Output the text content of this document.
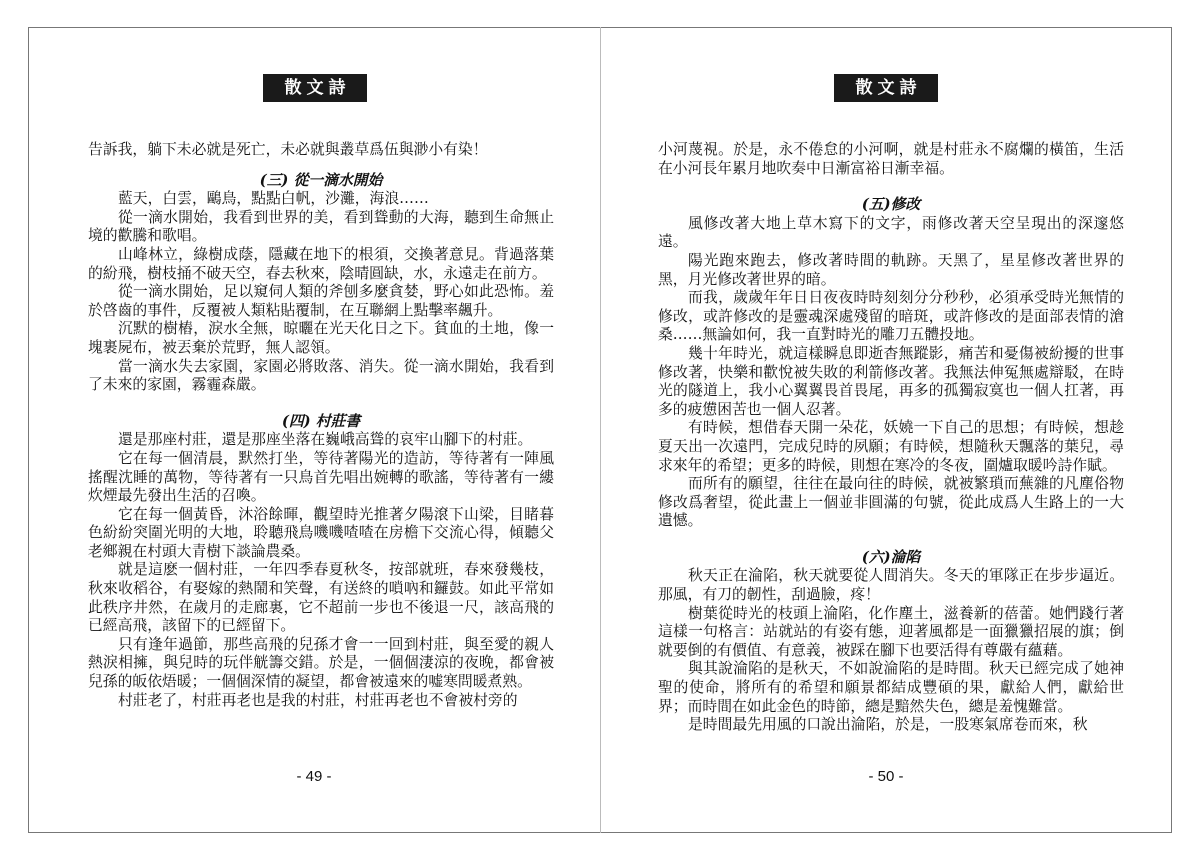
散文詩

告訴我，躺下未必就是死亡，未必就與叢草爲伍與渺小有染！

(三) 從一滴水開始

藍天，白雲，鷗鳥，點點白帆，沙灘，海浪……

從一滴水開始，我看到世界的美，看到聳動的大海，聽到生命無止境的歡騰和歌唱。

山峰林立，綠樹成蔭，隱藏在地下的根須，交換著意見。背過落葉的紛飛，樹枝捅不破天空，春去秋來，陰晴圓缺，水，永遠走在前方。

從一滴水開始，足以窺伺人類的斧刨多麼貪婪，野心如此恐怖。羞於啓齒的事件，反覆被人類粘貼覆制，在互聯網上點擊率飆升。

沉默的樹樁，淚水全無，晾曬在光天化日之下。貧血的土地，像一塊裹屍布，被丟棄於荒野，無人認領。

當一滴水失去家園，家園必將敗落、消失。從一滴水開始，我看到了未來的家園，霧霾森嚴。

(四) 村莊書

還是那座村莊，還是那座坐落在巍峨高聳的哀牢山腳下的村莊。

它在每一個清晨，默然打坐，等待著陽光的造訪，等待著有一陣風搖醒沈睡的萬物，等待著有一只鳥首先唱出婉轉的歌謠，等待著有一縷炊煙最先發出生活的召喚。

它在每一個黃昏，沐浴餘暉，觀望時光推著夕陽滾下山梁，目睹暮色紛紛突圍光明的大地，聆聽飛鳥嘰嘰喳喳在房檐下交流心得，傾聽父老鄉親在村頭大青樹下談論農桑。

就是這麽一個村莊，一年四季春夏秋冬，按部就班，春來發幾枝，秋來收稻谷，有娶嫁的熱鬧和笑聲，有送終的嗩吶和鑼鼓。如此平常如此秩序井然，在歲月的走廊裏，它不超前一步也不後退一尺，該高飛的已經高飛，該留下的已經留下。

只有逢年過節，那些高飛的兒孫才會一一回到村莊，與至愛的親人熱淚相擁，與兒時的玩伴觥籌交錯。於是，一個個淒涼的夜晚，都會被兒孫的皈依焐暖；一個個深情的凝望，都會被遠來的嘘寒問暖煮熟。

村莊老了，村莊再老也是我的村莊，村莊再老也不會被村旁的

- 49 -
散文詩

小河蔑視。於是，永不倦怠的小河啊，就是村莊永不腐爛的橫笛，生活在小河長年累月地吹奏中日漸富裕日漸幸福。

(五)修改

風修改著大地上草木寫下的文字，雨修改著天空呈現出的深邃悠遠。

陽光跑來跑去，修改著時間的軌跡。天黑了，星星修改著世界的黑，月光修改著世界的暗。

而我，歲歲年年日日夜夜時時刻刻分分秒秒，必須承受時光無情的修改，或許修改的是靈魂深處殘留的暗斑，或許修改的是面部表情的滄桑……無論如何，我一直對時光的雕刀五體投地。

幾十年時光，就這樣瞬息即逝杳無蹤影，痛苦和憂傷被紛擾的世事修改著，快樂和歡悅被失敗的利箭修改著。我無法伸冤無處辯駁，在時光的隧道上，我小心翼翼畏首畏尾，再多的孤獨寂寞也一個人扛著，再多的疲憊困苦也一個人忍著。

有時候，想借春天開一朵花，妖嬈一下自己的思想；有時候，想趁夏天出一次遠門，完成兒時的夙願；有時候，想隨秋天飄落的葉兒，尋求來年的希望；更多的時候，則想在寒冷的冬夜，圍爐取暖吟詩作賦。

而所有的願望，往往在最向往的時候，就被繁瑣而蕪雜的凡塵俗物修改爲奢望，從此畫上一個並非圓滿的句號，從此成爲人生路上的一大遺憾。

(六)淪陷

秋天正在淪陷，秋天就要從人間消失。冬天的軍隊正在步步逼近。那風，有刀的韌性，刮過臉，疼！

樹葉從時光的枝頭上淪陷，化作塵土，滋養新的蓓蕾。她們踐行著這樣一句格言：站就站的有姿有態，迎著風都是一面獵獵招展的旗；倒就要倒的有價值、有意義，被踩在腳下也要活得有尊嚴有蘊藉。

與其說淪陷的是秋天，不如說淪陷的是時間。秋天已經完成了她神聖的使命，將所有的希望和願景都結成豐碩的果，獻給人們，獻給世界；而時間在如此金色的時節，總是黯然失色，總是羞愧難當。

是時間最先用風的口說出淪陷，於是，一股寒氣席卷而來，秋

- 50 -
